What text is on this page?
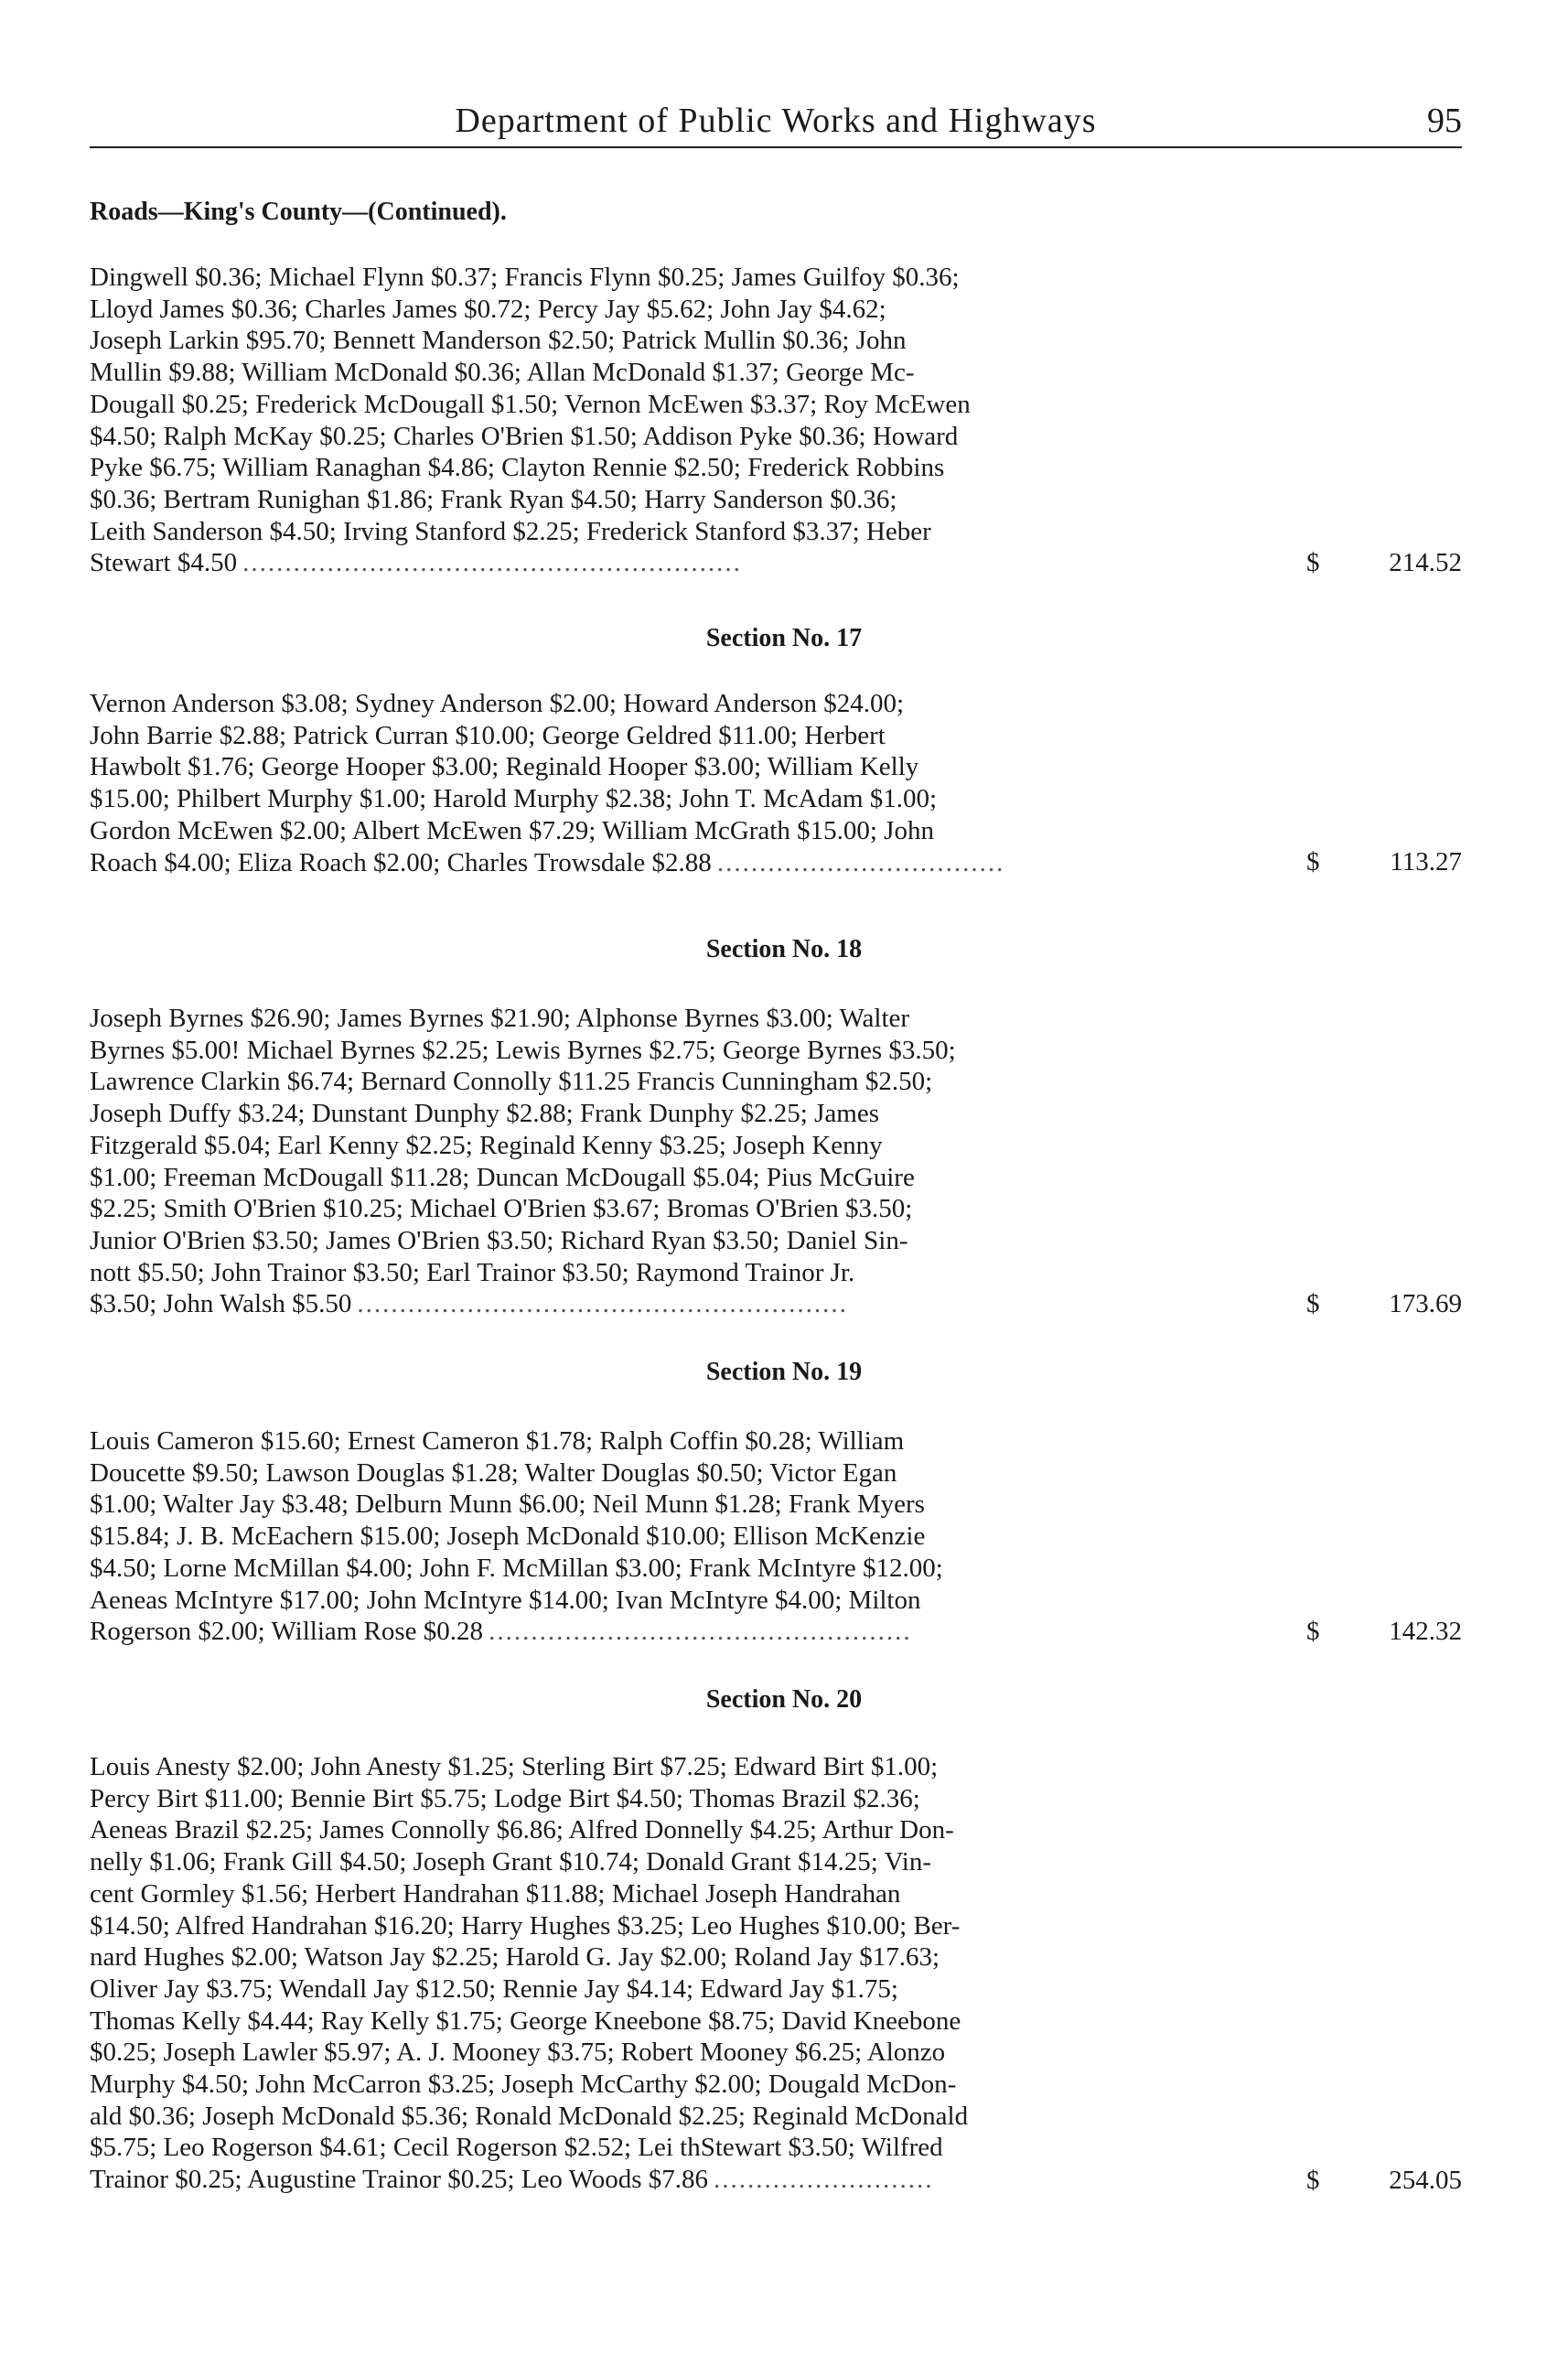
Department of Public Works and Highways	95
Roads—King's County—(Continued).
Dingwell $0.36; Michael Flynn $0.37; Francis Flynn $0.25; James Guilfoy $0.36;
Lloyd James $0.36; Charles James $0.72; Percy Jay $5.62; John Jay $4.62;
Joseph Larkin $95.70; Bennett Manderson $2.50; Patrick Mullin $0.36; John
Mullin $9.88; William McDonald $0.36; Allan McDonald $1.37; George Mc-
Dougall $0.25; Frederick McDougall $1.50; Vernon McEwen $3.37; Roy McEwen
$4.50; Ralph McKay $0.25; Charles O'Brien $1.50; Addison Pyke $0.36; Howard
Pyke $6.75; William Ranaghan $4.86; Clayton Rennie $2.50; Frederick Robbins
$0.36; Bertram Runighan $1.86; Frank Ryan $4.50; Harry Sanderson $0.36;
Leith Sanderson $4.50; Irving Stanford $2.25; Frederick Stanford $3.37; Heber
Stewart $4.50 ...........................................................	$	214.52
Section No. 17
Vernon Anderson $3.08; Sydney Anderson $2.00; Howard Anderson $24.00;
John Barrie $2.88; Patrick Curran $10.00; George Geldred $11.00; Herbert
Hawbolt $1.76; George Hooper $3.00; Reginald Hooper $3.00; William Kelly
$15.00; Philbert Murphy $1.00; Harold Murphy $2.38; John T. McAdam $1.00;
Gordon McEwen $2.00; Albert McEwen $7.29; William McGrath $15.00; John
Roach $4.00; Eliza Roach $2.00; Charles Trowsdale $2.88 ..................................	$	113.27
Section No. 18
Joseph Byrnes $26.90; James Byrnes $21.90; Alphonse Byrnes $3.00; Walter
Byrnes $5.00! Michael Byrnes $2.25; Lewis Byrnes $2.75; George Byrnes $3.50;
Lawrence Clarkin $6.74; Bernard Connolly $11.25 Francis Cunningham $2.50;
Joseph Duffy $3.24; Dunstant Dunphy $2.88; Frank Dunphy $2.25; James
Fitzgerald $5.04; Earl Kenny $2.25; Reginald Kenny $3.25; Joseph Kenny
$1.00; Freeman McDougall $11.28; Duncan McDougall $5.04; Pius McGuire
$2.25; Smith O'Brien $10.25; Michael O'Brien $3.67; Bromas O'Brien $3.50;
Junior O'Brien $3.50; James O'Brien $3.50; Richard Ryan $3.50; Daniel Sin-
nott $5.50; John Trainor $3.50; Earl Trainor $3.50; Raymond Trainor Jr.
$3.50; John Walsh $5.50 ..........................................................	$	173.69
Section No. 19
Louis Cameron $15.60; Ernest Cameron $1.78; Ralph Coffin $0.28; William
Doucette $9.50; Lawson Douglas $1.28; Walter Douglas $0.50; Victor Egan
$1.00; Walter Jay $3.48; Delburn Munn $6.00; Neil Munn $1.28; Frank Myers
$15.84; J. B. McEachern $15.00; Joseph McDonald $10.00; Ellison McKenzie
$4.50; Lorne McMillan $4.00; John F. McMillan $3.00; Frank McIntyre $12.00;
Aeneas McIntyre $17.00; John McIntyre $14.00; Ivan McIntyre $4.00; Milton
Rogerson $2.00; William Rose $0.28 ..................................................	$	142.32
Section No. 20
Louis Anesty $2.00; John Anesty $1.25; Sterling Birt $7.25; Edward Birt $1.00;
Percy Birt $11.00; Bennie Birt $5.75; Lodge Birt $4.50; Thomas Brazil $2.36;
Aeneas Brazil $2.25; James Connolly $6.86; Alfred Donnelly $4.25; Arthur Don-
nelly $1.06; Frank Gill $4.50; Joseph Grant $10.74; Donald Grant $14.25; Vin-
cent Gormley $1.56; Herbert Handrahan $11.88; Michael Joseph Handrahan
$14.50; Alfred Handrahan $16.20; Harry Hughes $3.25; Leo Hughes $10.00; Ber-
nard Hughes $2.00; Watson Jay $2.25; Harold G. Jay $2.00; Roland Jay $17.63;
Oliver Jay $3.75; Wendall Jay $12.50; Rennie Jay $4.14; Edward Jay $1.75;
Thomas Kelly $4.44; Ray Kelly $1.75; George Kneebone $8.75; David Kneebone
$0.25; Joseph Lawler $5.97; A. J. Mooney $3.75; Robert Mooney $6.25; Alonzo
Murphy $4.50; John McCarron $3.25; Joseph McCarthy $2.00; Dougald McDon-
ald $0.36; Joseph McDonald $5.36; Ronald McDonald $2.25; Reginald McDonald
$5.75; Leo Rogerson $4.61; Cecil Rogerson $2.52; Lei thStewart $3.50; Wilfred
Trainor $0.25; Augustine Trainor $0.25; Leo Woods $7.86 ..........................	$	254.05
